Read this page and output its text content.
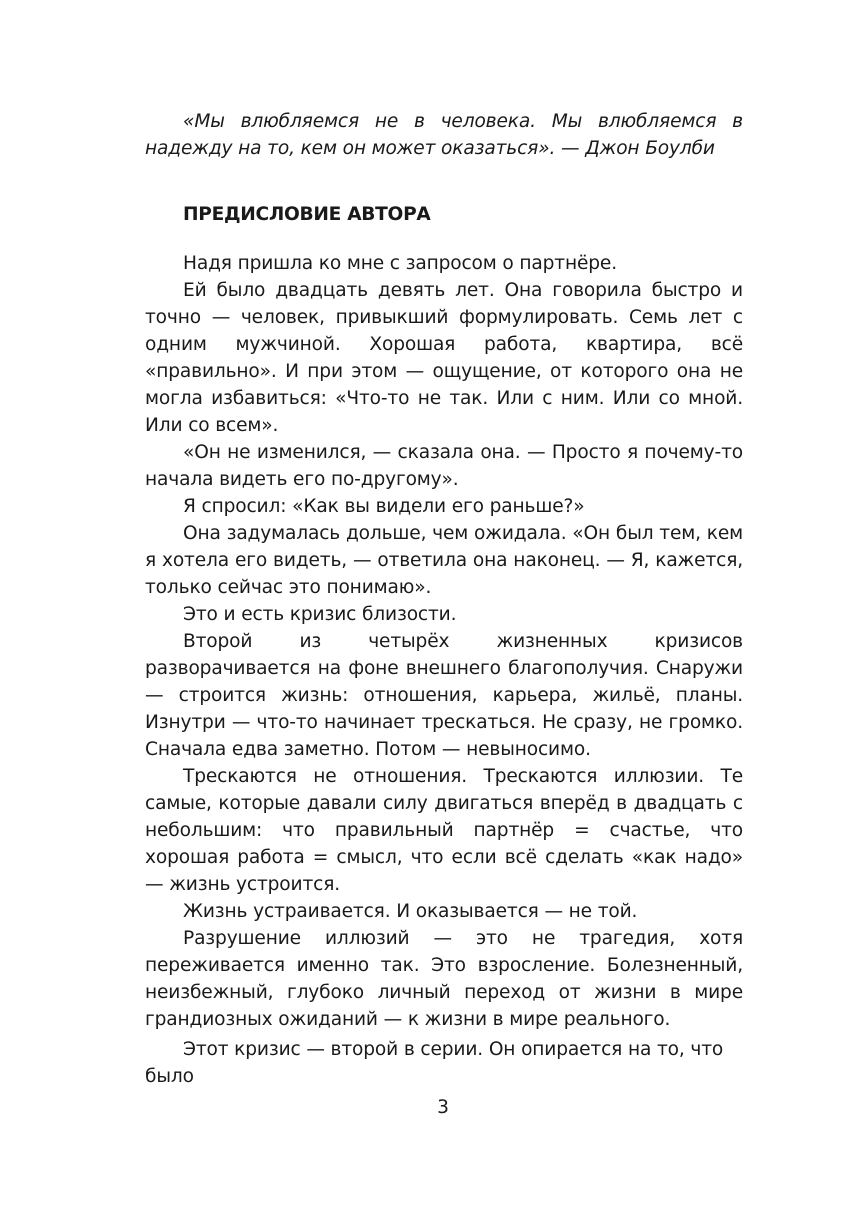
«Мы влюбляемся не в человека. Мы влюбляемся в надежду на то, кем он может оказаться». — Джон Боулби

ПРЕДИСЛОВИЕ АВТОРА

Надя пришла ко мне с запросом о партнёре.

Ей было двадцать девять лет. Она говорила быстро и точно — человек, привыкший формулировать. Семь лет с одним мужчиной. Хорошая работа, квартира, всё «правильно». И при этом — ощущение, от которого она не могла избавиться: «Что-то не так. Или с ним. Или со мной. Или со всем».

«Он не изменился, — сказала она. — Просто я почему-то начала видеть его по-другому».

Я спросил: «Как вы видели его раньше?»

Она задумалась дольше, чем ожидала. «Он был тем, кем я хотела его видеть, — ответила она наконец. — Я, кажется, только сейчас это понимаю».

Это и есть кризис близости.

Второй из четырёх жизненных кризисов разворачивается на фоне внешнего благополучия. Снаружи — строится жизнь: отношения, карьера, жильё, планы. Изнутри — что-то начинает трескаться. Не сразу, не громко. Сначала едва заметно. Потом — невыносимо.

Трескаются не отношения. Трескаются иллюзии. Те самые, которые давали силу двигаться вперёд в двадцать с небольшим: что правильный партнёр = счастье, что хорошая работа = смысл, что если всё сделать «как надо» — жизнь устроится.

Жизнь устраивается. И оказывается — не той.

Разрушение иллюзий — это не трагедия, хотя переживается именно так. Это взросление. Болезненный, неизбежный, глубоко личный переход от жизни в мире грандиозных ожиданий — к жизни в мире реального.

Этот кризис — второй в серии. Он опирается на то, что было

3
